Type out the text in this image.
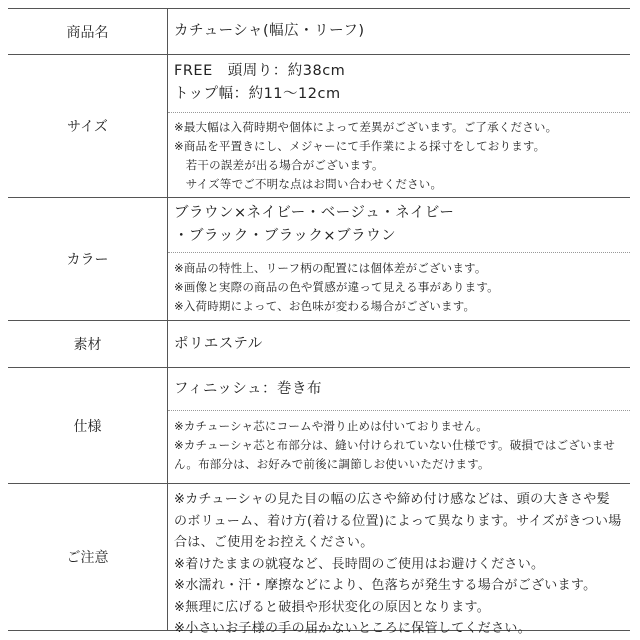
商品名	カチューシャ(幅広・リーフ)

サイズ

FREE　頭周り：約38cm

トップ幅：約11〜12cm

※最大幅は入荷時期や個体によって差異がございます。ご了承ください。

※商品を平置きにし、メジャーにて手作業による採寸をしております。

　若干の誤差が出る場合がございます。

　サイズ等でご不明な点はお問い合わせください。

カラー

ブラウン×ネイビー・ベージュ・ネイビー

・ブラック・ブラック×ブラウン

※商品の特性上、リーフ柄の配置には個体差がございます。

※画像と実際の商品の色や質感が違って見える事があります。

※入荷時期によって、お色味が変わる場合がございます。

素材	ポリエステル

仕様

フィニッシュ：巻き布

※カチューシャ芯にコームや滑り止めは付いておりません。

※カチューシャ芯と布部分は、縫い付けられていない仕様です。破損ではございません。布部分は、お好みで前後に調節しお使いいただけます。

ご注意

※カチューシャの見た目の幅の広さや締め付け感などは、頭の大きさや髪のボリューム、着け方(着ける位置)によって異なります。サイズがきつい場合は、ご使用をお控えください。

※着けたままの就寝など、長時間のご使用はお避けください。

※水濡れ・汗・摩擦などにより、色落ちが発生する場合がございます。

※無理に広げると破損や形状変化の原因となります。

※小さいお子様の手の届かないところに保管してください。
